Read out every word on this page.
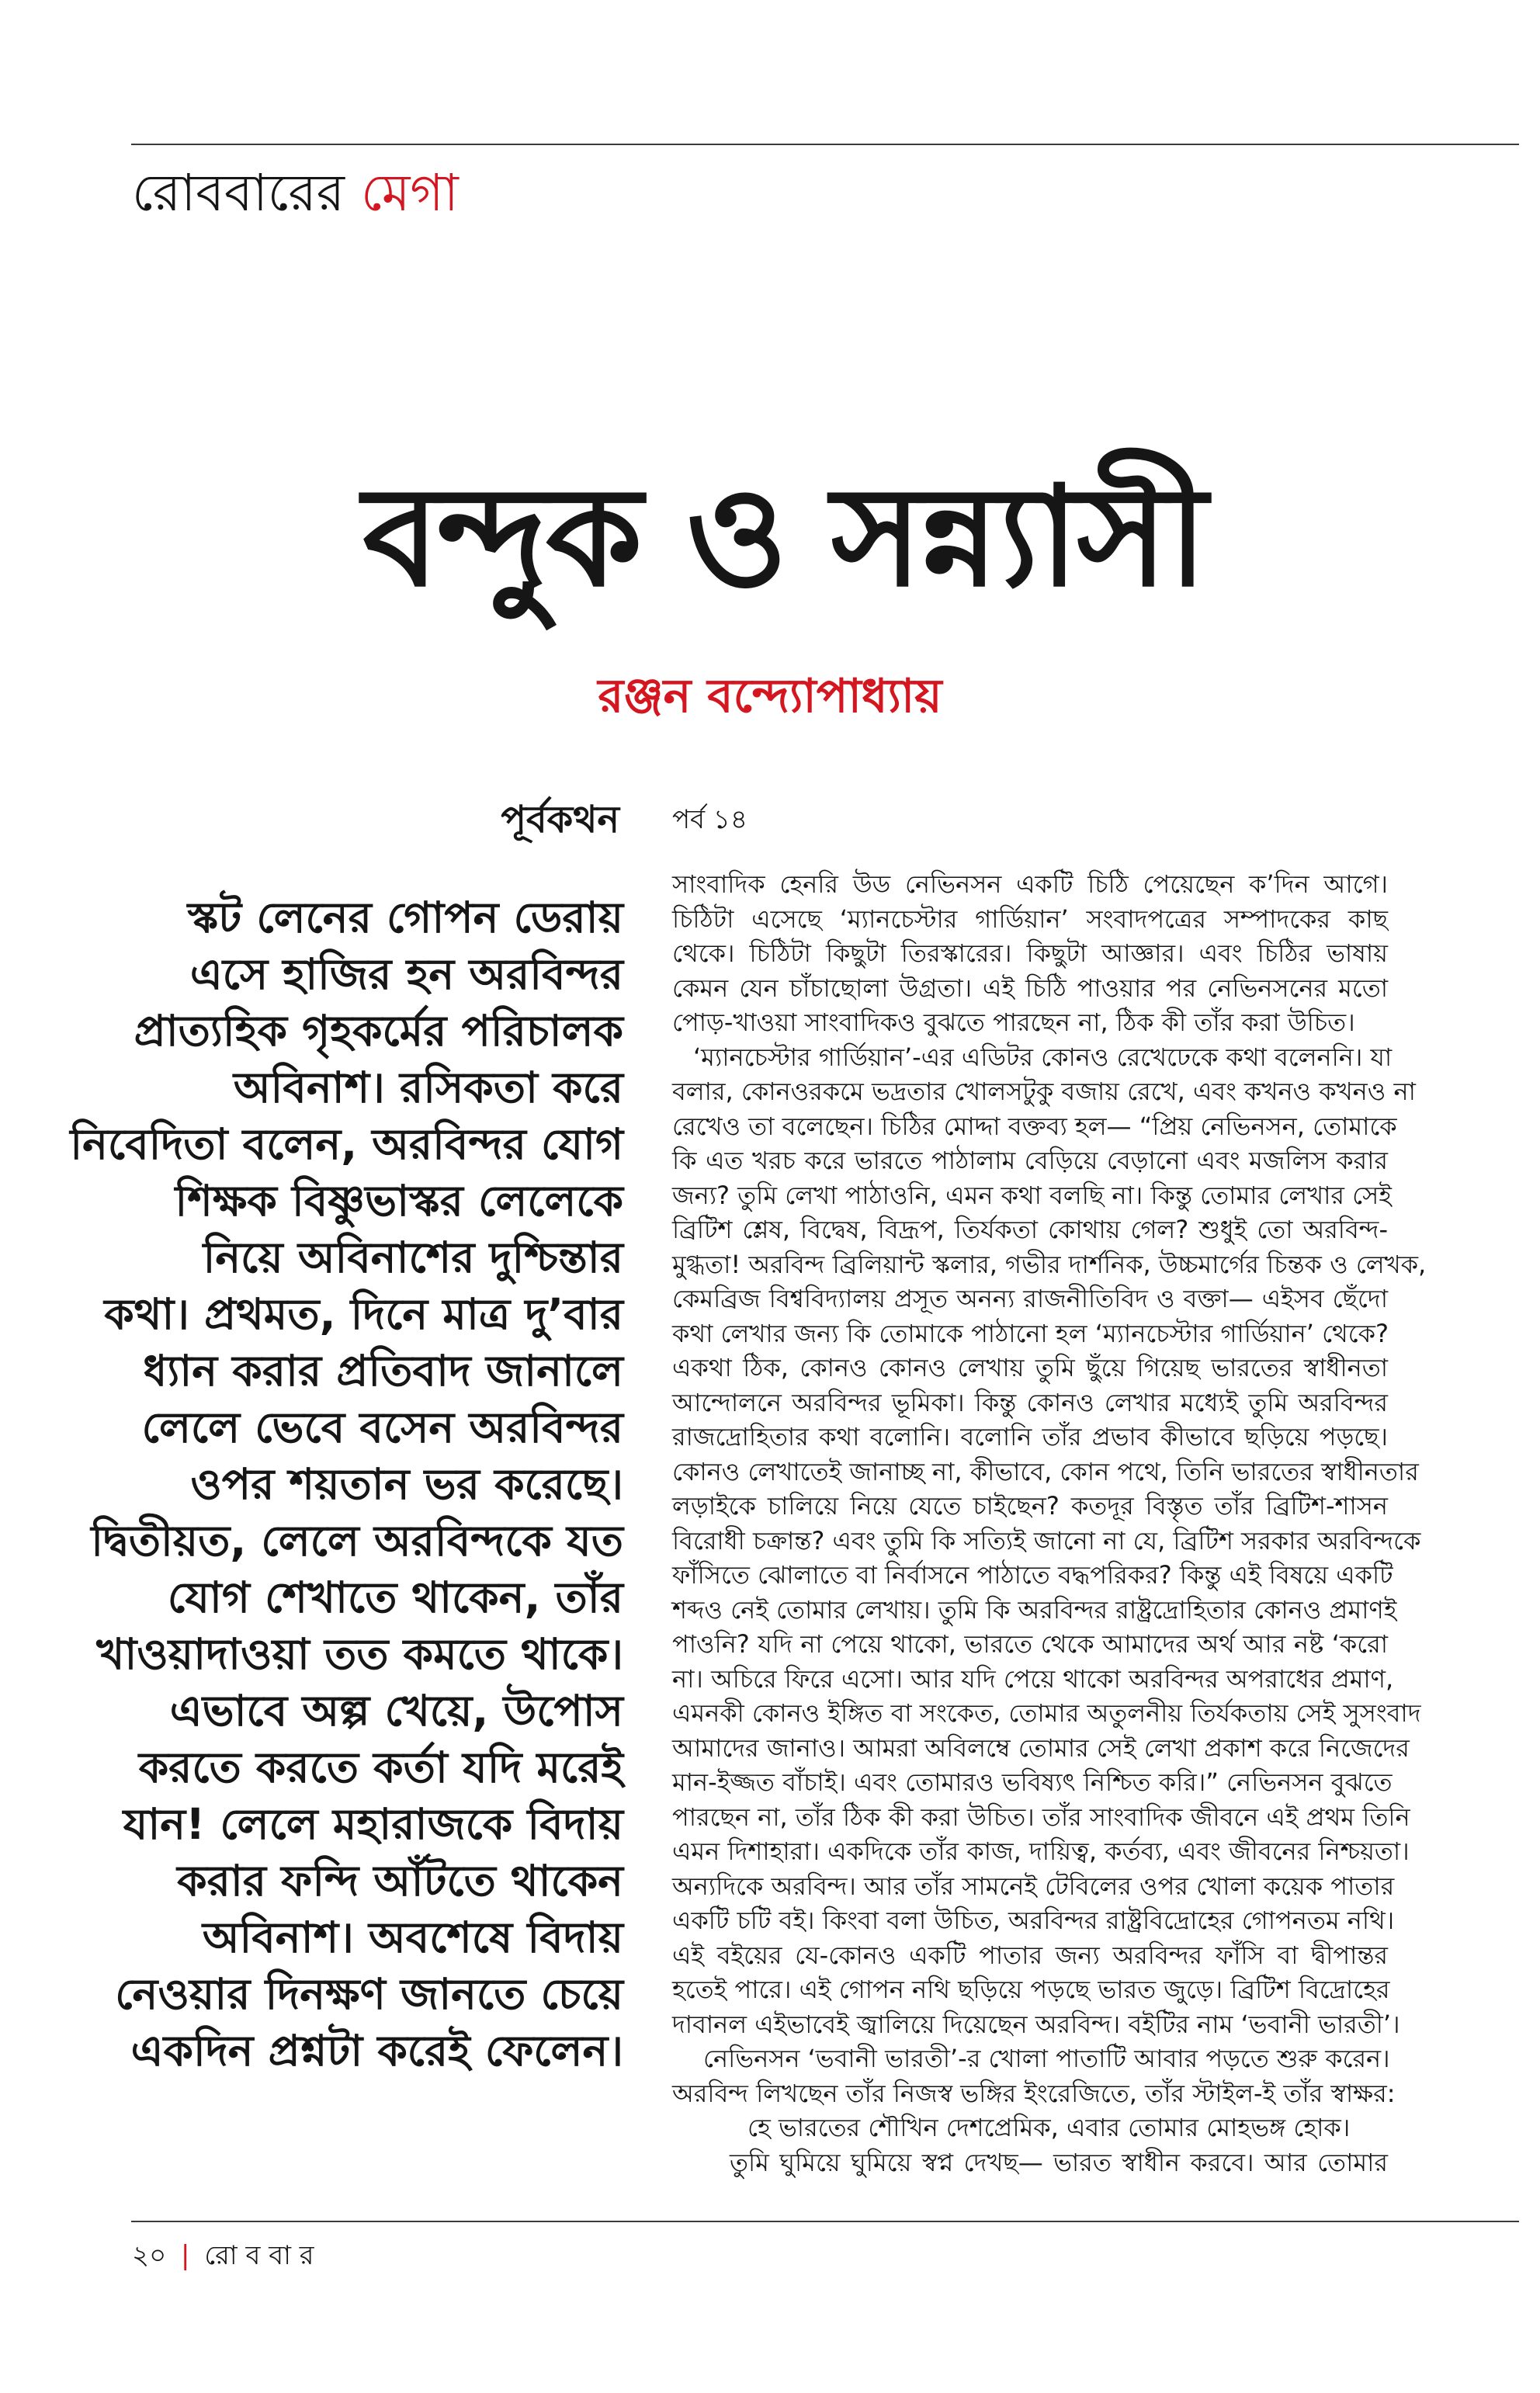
রোববারের মেগা
বন্দুক ও সন্ন্যাসী
রঞ্জন বন্দ্যোপাধ্যায়
পূর্বকথন পর্ব ১৪
স্কট লেনের গোপন ডেরায়
এসে হাজির হন অরবিন্দর
প্রাত্যহিক গৃহকর্মের পরিচালক
অবিনাশ। রসিকতা করে
নিবেদিতা বলেন, অরবিন্দর যোগ
শিক্ষক বিষ্ণুভাস্কর লেলেকে
নিয়ে অবিনাশের দুশ্চিন্তার
কথা। প্রথমত, দিনে মাত্র দু’বার
ধ্যান করার প্রতিবাদ জানালে
লেলে ভেবে বসেন অরবিন্দর
ওপর শয়তান ভর করেছে।
দ্বিতীয়ত, লেলে অরবিন্দকে যত
যোগ শেখাতে থাকেন, তাঁর
খাওয়াদাওয়া তত কমতে থাকে।
এভাবে অল্প খেয়ে, উপোস
করতে করতে কর্তা যদি মরেই
যান! লেলে মহারাজকে বিদায়
করার ফন্দি আঁটতে থাকেন
অবিনাশ। অবশেষে বিদায়
নেওয়ার দিনক্ষণ জানতে চেয়ে
একদিন প্রশ্নটা করেই ফেলেন।
সাংবাদিক হেনরি উড নেভিনসন একটি চিঠি পেয়েছেন ক’দিন আগে।
চিঠিটা এসেছে ‘ম্যানচেস্টার গার্ডিয়ান’ সংবাদপত্রের সম্পাদকের কাছ
থেকে। চিঠিটা কিছুটা তিরস্কারের। কিছুটা আজ্ঞার। এবং চিঠির ভাষায়
কেমন যেন চাঁচাছোলা উগ্রতা। এই চিঠি পাওয়ার পর নেভিনসনের মতো
পোড়-খাওয়া সাংবাদিকও বুঝতে পারছেন না, ঠিক কী তাঁর করা উচিত।
‘ম্যানচেস্টার গার্ডিয়ান’-এর এডিটর কোনও রেখেঢেকে কথা বলেননি। যা
বলার, কোনওরকমে ভদ্রতার খোলসটুকু বজায় রেখে, এবং কখনও কখনও না
রেখেও তা বলেছেন। চিঠির মোদ্দা বক্তব্য হল— “প্রিয় নেভিনসন, তোমাকে
কি এত খরচ করে ভারতে পাঠালাম বেড়িয়ে বেড়ানো এবং মজলিস করার
জন্য? তুমি লেখা পাঠাওনি, এমন কথা বলছি না। কিন্তু তোমার লেখার সেই
ব্রিটিশ শ্লেষ, বিদ্বেষ, বিদ্রূপ, তির্যকতা কোথায় গেল? শুধুই তো অরবিন্দ-
মুগ্ধতা! অরবিন্দ ব্রিলিয়ান্ট স্কলার, গভীর দার্শনিক, উচ্চমার্গের চিন্তক ও লেখক,
কেমব্রিজ বিশ্ববিদ্যালয় প্রসূত অনন্য রাজনীতিবিদ ও বক্তা— এইসব ছেঁদো
কথা লেখার জন্য কি তোমাকে পাঠানো হল ‘ম্যানচেস্টার গার্ডিয়ান’ থেকে?
একথা ঠিক, কোনও কোনও লেখায় তুমি ছুঁয়ে গিয়েছ ভারতের স্বাধীনতা
আন্দোলনে অরবিন্দর ভূমিকা। কিন্তু কোনও লেখার মধ্যেই তুমি অরবিন্দর
রাজদ্রোহিতার কথা বলোনি। বলোনি তাঁর প্রভাব কীভাবে ছড়িয়ে পড়ছে।
কোনও লেখাতেই জানাচ্ছ না, কীভাবে, কোন পথে, তিনি ভারতের স্বাধীনতার
লড়াইকে চালিয়ে নিয়ে যেতে চাইছেন? কতদূর বিস্তৃত তাঁর ব্রিটিশ-শাসন
বিরোধী চক্রান্ত? এবং তুমি কি সত্যিই জানো না যে, ব্রিটিশ সরকার অরবিন্দকে
ফাঁসিতে ঝোলাতে বা নির্বাসনে পাঠাতে বদ্ধপরিকর? কিন্তু এই বিষয়ে একটি
শব্দও নেই তোমার লেখায়। তুমি কি অরবিন্দর রাষ্ট্রদ্রোহিতার কোনও প্রমাণই
পাওনি? যদি না পেয়ে থাকো, ভারতে থেকে আমাদের অর্থ আর নষ্ট ‘করো
না। অচিরে ফিরে এসো। আর যদি পেয়ে থাকো অরবিন্দর অপরাধের প্রমাণ,
এমনকী কোনও ইঙ্গিত বা সংকেত, তোমার অতুলনীয় তির্যকতায় সেই সুসংবাদ
আমাদের জানাও। আমরা অবিলম্বে তোমার সেই লেখা প্রকাশ করে নিজেদের
মান-ইজ্জত বাঁচাই। এবং তোমারও ভবিষ্যৎ নিশ্চিত করি।” নেভিনসন বুঝতে
পারছেন না, তাঁর ঠিক কী করা উচিত। তাঁর সাংবাদিক জীবনে এই প্রথম তিনি
এমন দিশাহারা। একদিকে তাঁর কাজ, দায়িত্ব, কর্তব্য, এবং জীবনের নিশ্চয়তা।
অন্যদিকে অরবিন্দ। আর তাঁর সামনেই টেবিলের ওপর খোলা কয়েক পাতার
একটি চটি বই। কিংবা বলা উচিত, অরবিন্দর রাষ্ট্রবিদ্রোহের গোপনতম নথি।
এই বইয়ের যে-কোনও একটি পাতার জন্য অরবিন্দর ফাঁসি বা দ্বীপান্তর
হতেই পারে। এই গোপন নথি ছড়িয়ে পড়ছে ভারত জুড়ে। ব্রিটিশ বিদ্রোহের
দাবানল এইভাবেই জ্বালিয়ে দিয়েছেন অরবিন্দ। বইটির নাম ‘ভবানী ভারতী’।
নেভিনসন ‘ভবানী ভারতী’-র খোলা পাতাটি আবার পড়তে শুরু করেন।
অরবিন্দ লিখছেন তাঁর নিজস্ব ভঙ্গির ইংরেজিতে, তাঁর স্টাইল-ই তাঁর স্বাক্ষর:
হে ভারতের শৌখিন দেশপ্রেমিক, এবার তোমার মোহভঙ্গ হোক।
তুমি ঘুমিয়ে ঘুমিয়ে স্বপ্ন দেখছ— ভারত স্বাধীন করবে। আর তোমার
২০ | রো ব বা র
